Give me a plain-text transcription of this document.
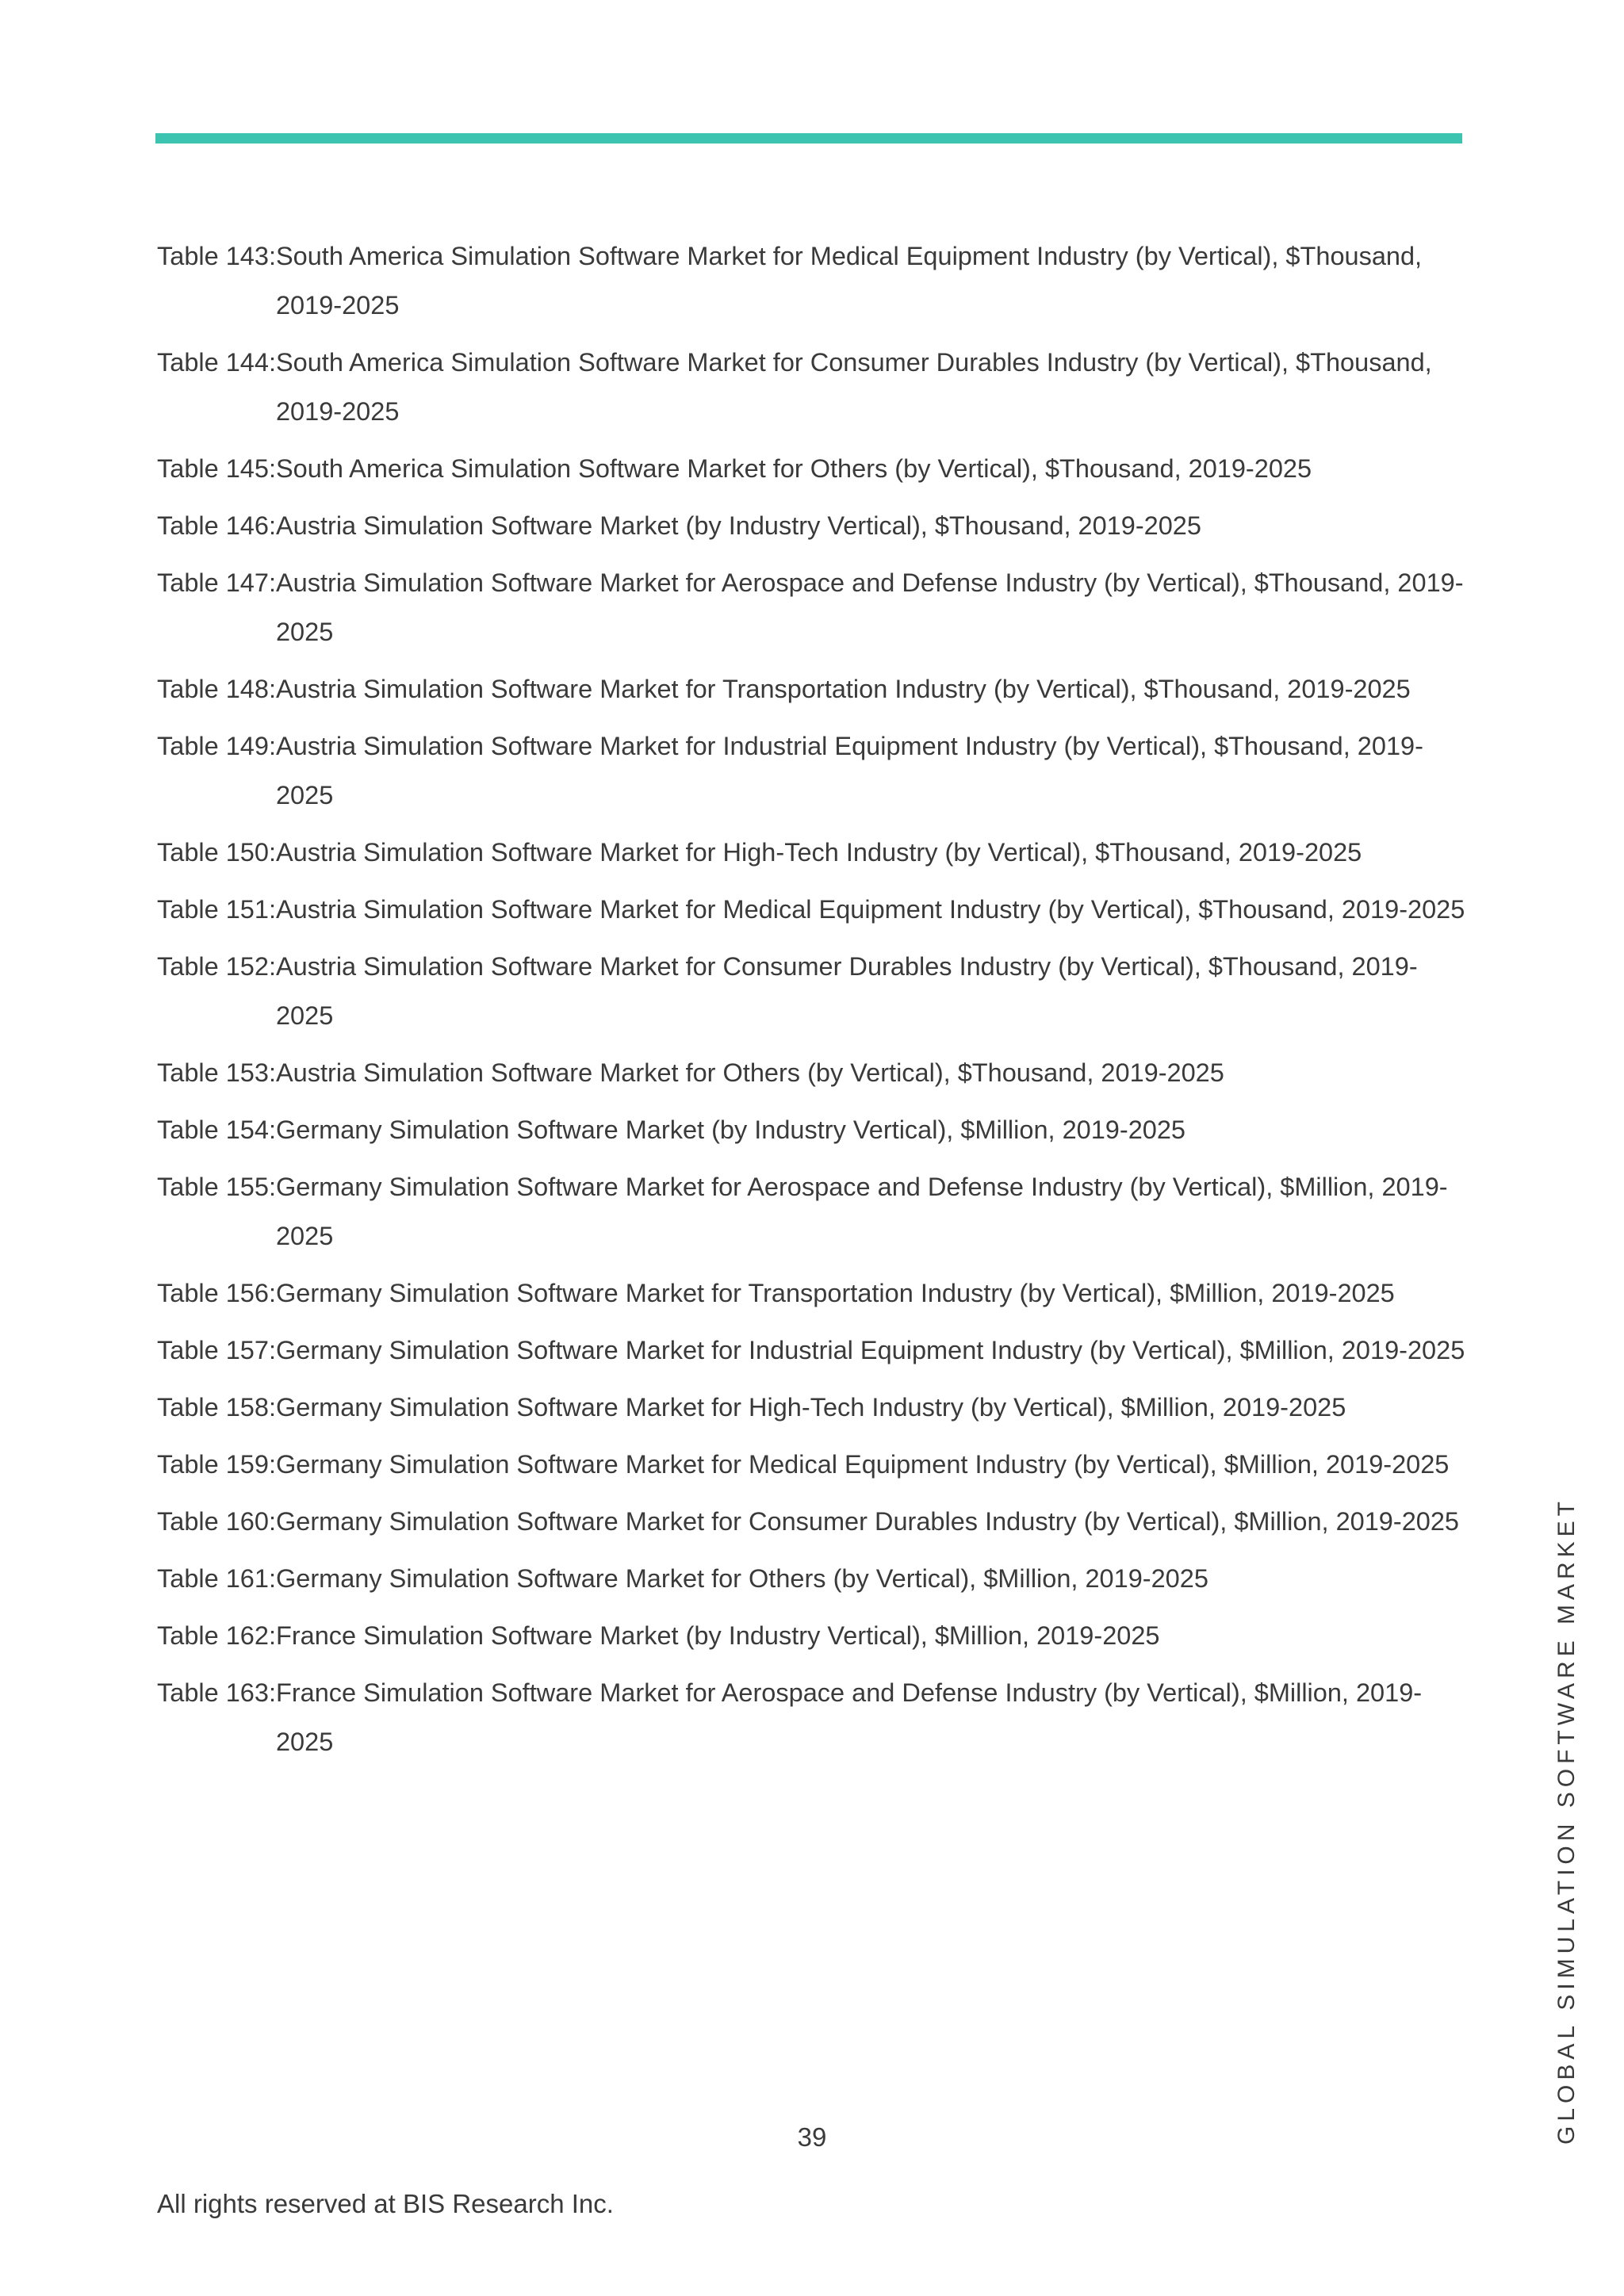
Table 143: South America Simulation Software Market for Medical Equipment Industry (by Vertical), $Thousand, 2019-2025
Table 144: South America Simulation Software Market for Consumer Durables Industry (by Vertical), $Thousand, 2019-2025
Table 145: South America Simulation Software Market for Others (by Vertical), $Thousand, 2019-2025
Table 146: Austria Simulation Software Market (by Industry Vertical), $Thousand, 2019-2025
Table 147: Austria Simulation Software Market for Aerospace and Defense Industry (by Vertical), $Thousand, 2019-2025
Table 148: Austria Simulation Software Market for Transportation Industry (by Vertical), $Thousand, 2019-2025
Table 149: Austria Simulation Software Market for Industrial Equipment Industry (by Vertical), $Thousand, 2019-2025
Table 150: Austria Simulation Software Market for High-Tech Industry (by Vertical), $Thousand, 2019-2025
Table 151: Austria Simulation Software Market for Medical Equipment Industry (by Vertical), $Thousand, 2019-2025
Table 152: Austria Simulation Software Market for Consumer Durables Industry (by Vertical), $Thousand, 2019-2025
Table 153: Austria Simulation Software Market for Others (by Vertical), $Thousand, 2019-2025
Table 154: Germany Simulation Software Market (by Industry Vertical), $Million, 2019-2025
Table 155: Germany Simulation Software Market for Aerospace and Defense Industry (by Vertical), $Million, 2019-2025
Table 156: Germany Simulation Software Market for Transportation Industry (by Vertical), $Million, 2019-2025
Table 157: Germany Simulation Software Market for Industrial Equipment Industry (by Vertical), $Million, 2019-2025
Table 158: Germany Simulation Software Market for High-Tech Industry (by Vertical), $Million, 2019-2025
Table 159: Germany Simulation Software Market for Medical Equipment Industry (by Vertical), $Million, 2019-2025
Table 160: Germany Simulation Software Market for Consumer Durables Industry (by Vertical), $Million, 2019-2025
Table 161: Germany Simulation Software Market for Others (by Vertical), $Million, 2019-2025
Table 162: France Simulation Software Market (by Industry Vertical), $Million, 2019-2025
Table 163: France Simulation Software Market for Aerospace and Defense Industry (by Vertical), $Million, 2019-2025
39
All rights reserved at BIS Research Inc.
GLOBAL SIMULATION SOFTWARE MARKET
